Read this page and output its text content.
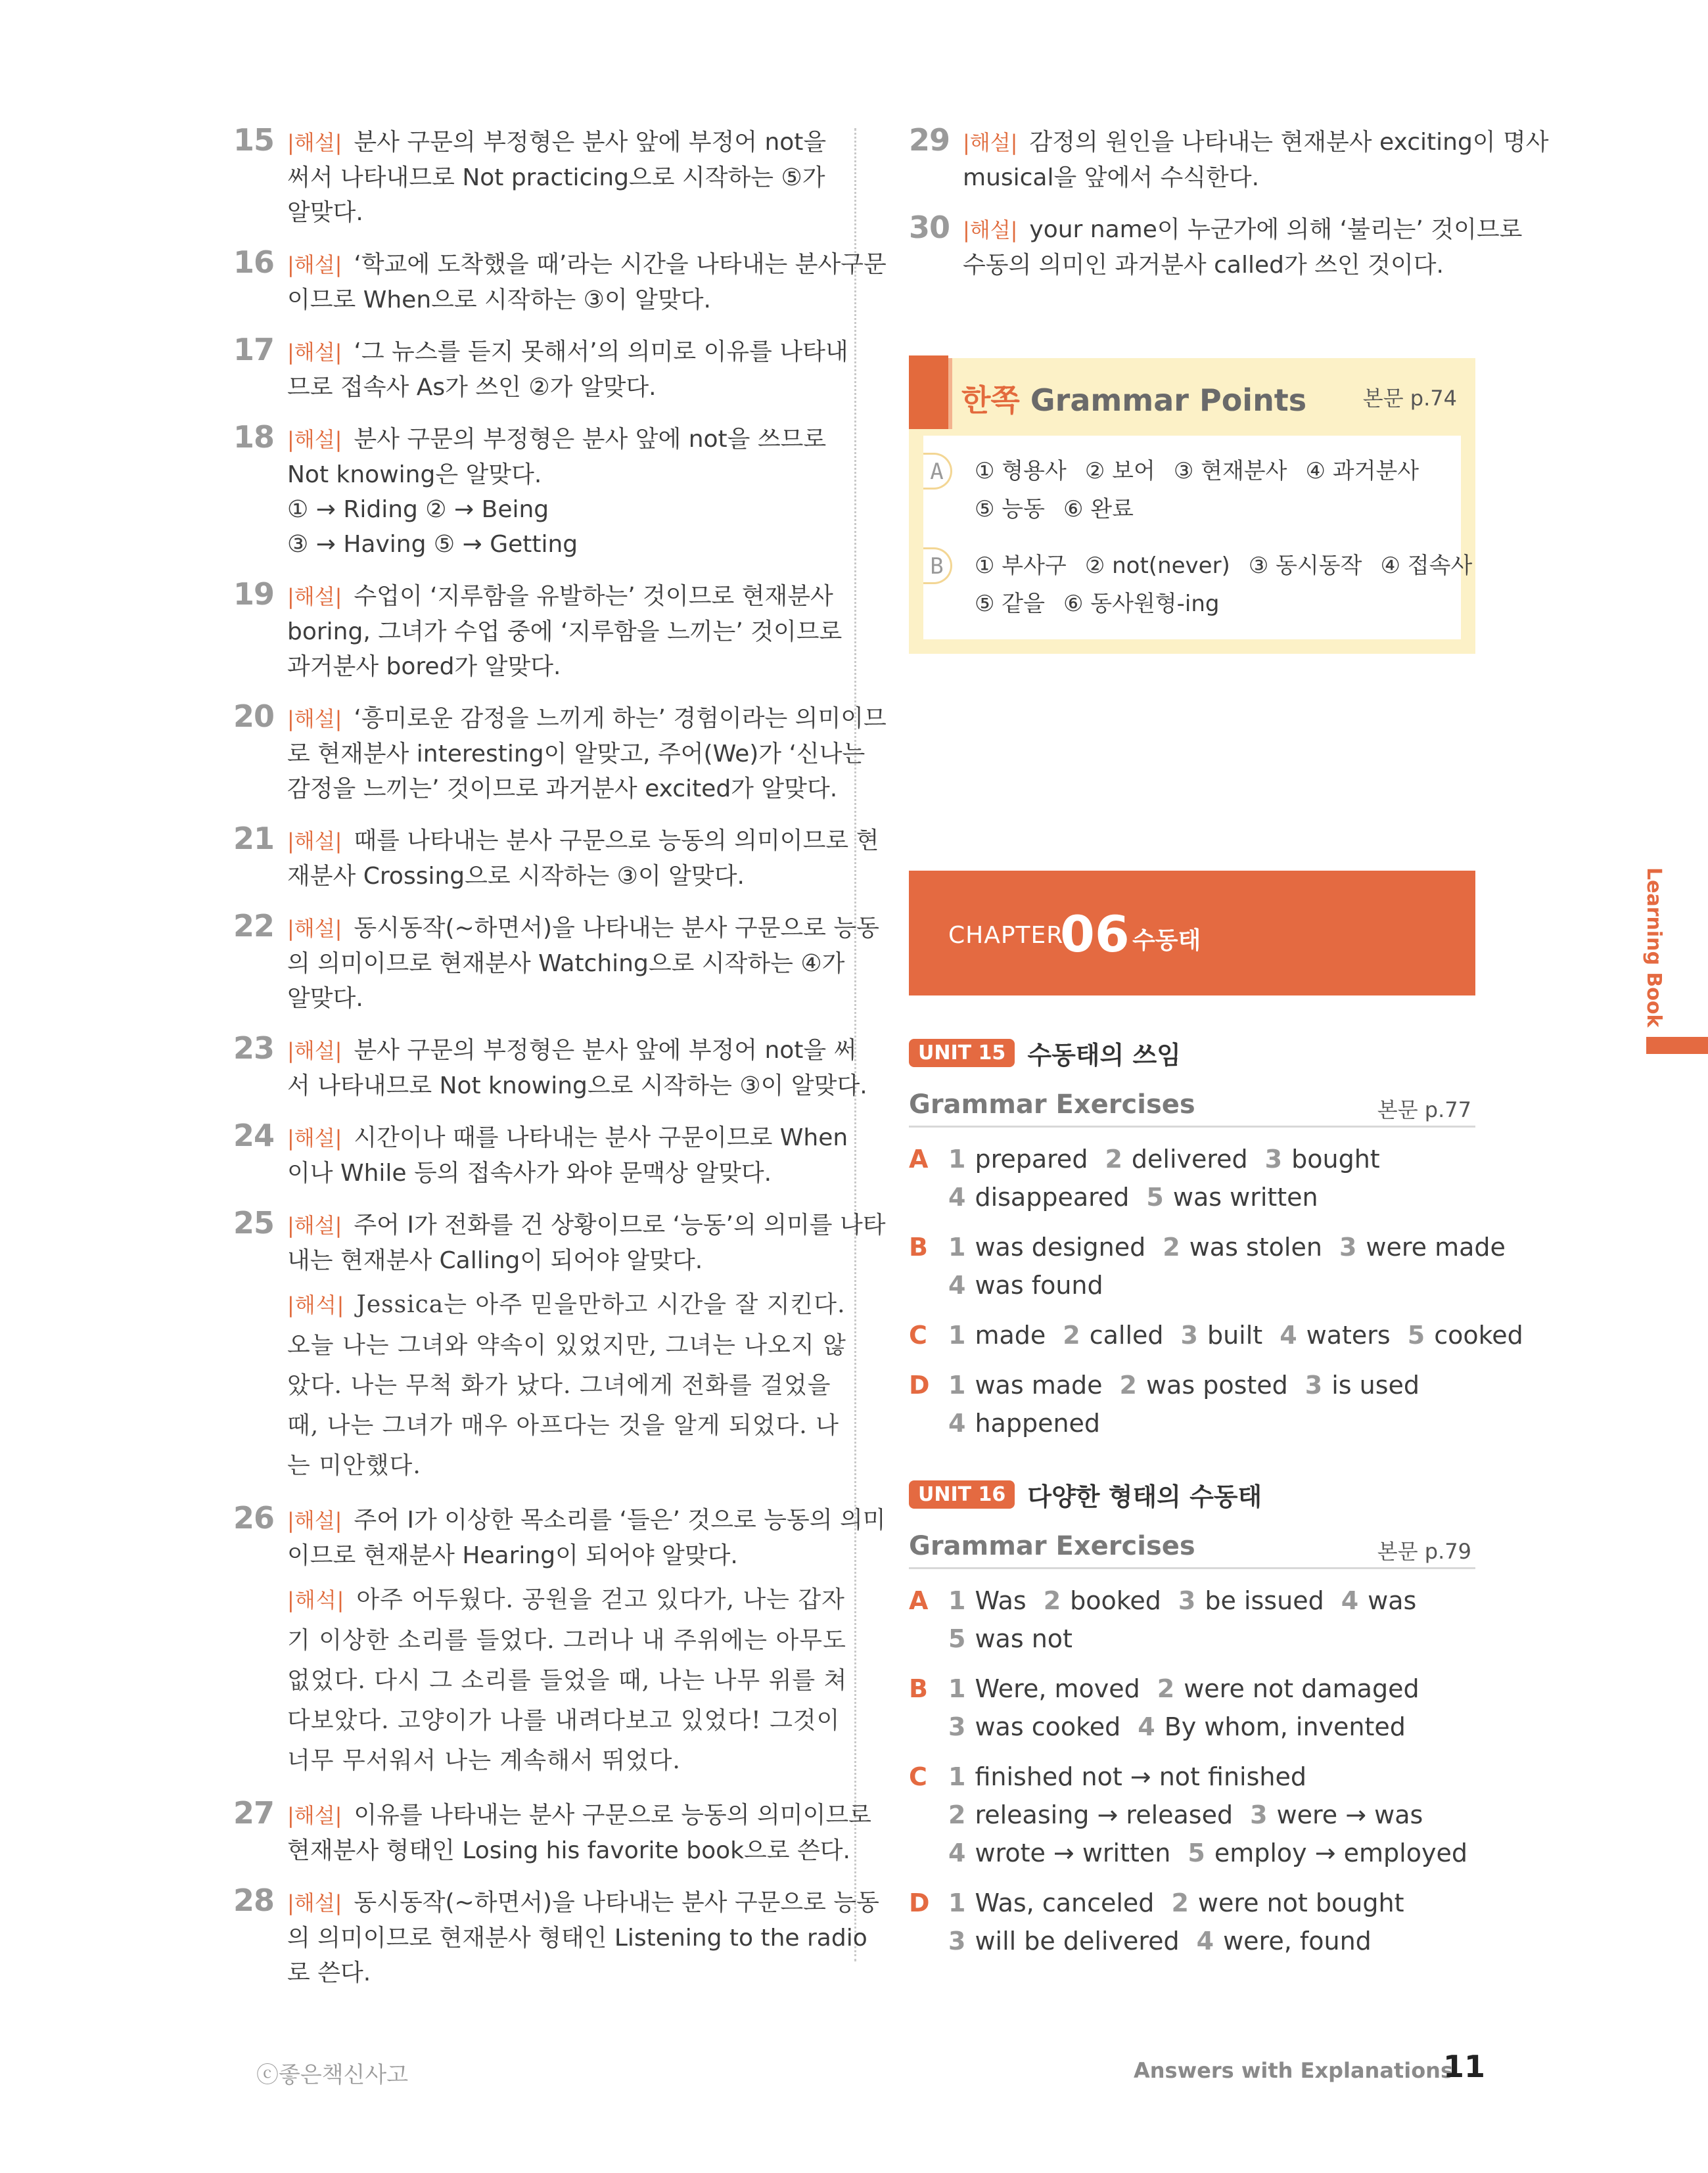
15 |해설| 분사 구문의 부정형은 분사 앞에 부정어 not을
써서 나타내므로 Not practicing으로 시작하는 ⑤가
알맞다.
16 |해설| ‘학교에 도착했을 때’라는 시간을 나타내는 분사구문
이므로 When으로 시작하는 ③이 알맞다.
17 |해설| ‘그 뉴스를 듣지 못해서’의 의미로 이유를 나타내
므로 접속사 As가 쓰인 ②가 알맞다.
18 |해설| 분사 구문의 부정형은 분사 앞에 not을 쓰므로
Not knowing은 알맞다.
① → Riding ② → Being
③ → Having ⑤ → Getting
19 |해설| 수업이 ‘지루함을 유발하는’ 것이므로 현재분사
boring, 그녀가 수업 중에 ‘지루함을 느끼는’ 것이므로
과거분사 bored가 알맞다.
20 |해설| ‘흥미로운 감정을 느끼게 하는’ 경험이라는 의미이므
로 현재분사 interesting이 알맞고, 주어(We)가 ‘신나는
감정을 느끼는’ 것이므로 과거분사 excited가 알맞다.
21 |해설| 때를 나타내는 분사 구문으로 능동의 의미이므로 현
재분사 Crossing으로 시작하는 ③이 알맞다.
22 |해설| 동시동작(~하면서)을 나타내는 분사 구문으로 능동
의 의미이므로 현재분사 Watching으로 시작하는 ④가
알맞다.
23 |해설| 분사 구문의 부정형은 분사 앞에 부정어 not을 써
서 나타내므로 Not knowing으로 시작하는 ③이 알맞다.
24 |해설| 시간이나 때를 나타내는 분사 구문이므로 When
이나 While 등의 접속사가 와야 문맥상 알맞다.
25 |해설| 주어 I가 전화를 건 상황이므로 ‘능동’의 의미를 나타
내는 현재분사 Calling이 되어야 알맞다.
|해석| Jessica는 아주 믿을만하고 시간을 잘 지킨다.
오늘 나는 그녀와 약속이 있었지만, 그녀는 나오지 않
았다. 나는 무척 화가 났다. 그녀에게 전화를 걸었을
때, 나는 그녀가 매우 아프다는 것을 알게 되었다. 나
는 미안했다.
26 |해설| 주어 I가 이상한 목소리를 ‘들은’ 것으로 능동의 의미
이므로 현재분사 Hearing이 되어야 알맞다.
|해석| 아주 어두웠다. 공원을 걷고 있다가, 나는 갑자
기 이상한 소리를 들었다. 그러나 내 주위에는 아무도
없었다. 다시 그 소리를 들었을 때, 나는 나무 위를 쳐
다보았다. 고양이가 나를 내려다보고 있었다! 그것이
너무 무서워서 나는 계속해서 뛰었다.
27 |해설| 이유를 나타내는 분사 구문으로 능동의 의미이므로
현재분사 형태인 Losing his favorite book으로 쓴다.
28 |해설| 동시동작(~하면서)을 나타내는 분사 구문으로 능동
의 의미이므로 현재분사 형태인 Listening to the radio
로 쓴다.
29 |해설| 감정의 원인을 나타내는 현재분사 exciting이 명사
musical을 앞에서 수식한다.
30 |해설| your name이 누군가에 의해 ‘불리는’ 것이므로
수동의 의미인 과거분사 called가 쓰인 것이다.
한쪽 Grammar Points	본문 p.74
A	① 형용사 ② 보어 ③ 현재분사 ④ 과거분사
⑤ 능동 ⑥ 완료
B	① 부사구 ② not(never) ③ 동시동작 ④ 접속사
⑤ 같을 ⑥ 동사원형-ing
CHAPTER
06 수동태
UNIT 15 수동태의 쓰임
Grammar Exercises	본문 p.77
A 1 prepared 2 delivered 3 bought
4 disappeared 5 was written
B 1 was designed 2 was stolen 3 were made
4 was found
C 1 made 2 called 3 built 4 waters 5 cooked
D 1 was made 2 was posted 3 is used
4 happened
UNIT 16 다양한 형태의 수동태
Grammar Exercises	본문 p.79
A 1 Was 2 booked 3 be issued 4 was
5 was not
B 1 Were, moved 2 were not damaged
3 was cooked 4 By whom, invented
C 1 finished not → not finished
2 releasing → released 3 were → was
4 wrote → written 5 employ → employed
D 1 Was, canceled 2 were not bought
3 will be delivered 4 were, found
Learning Book
ⓒ좋은책신사고	Answers with Explanations
11
